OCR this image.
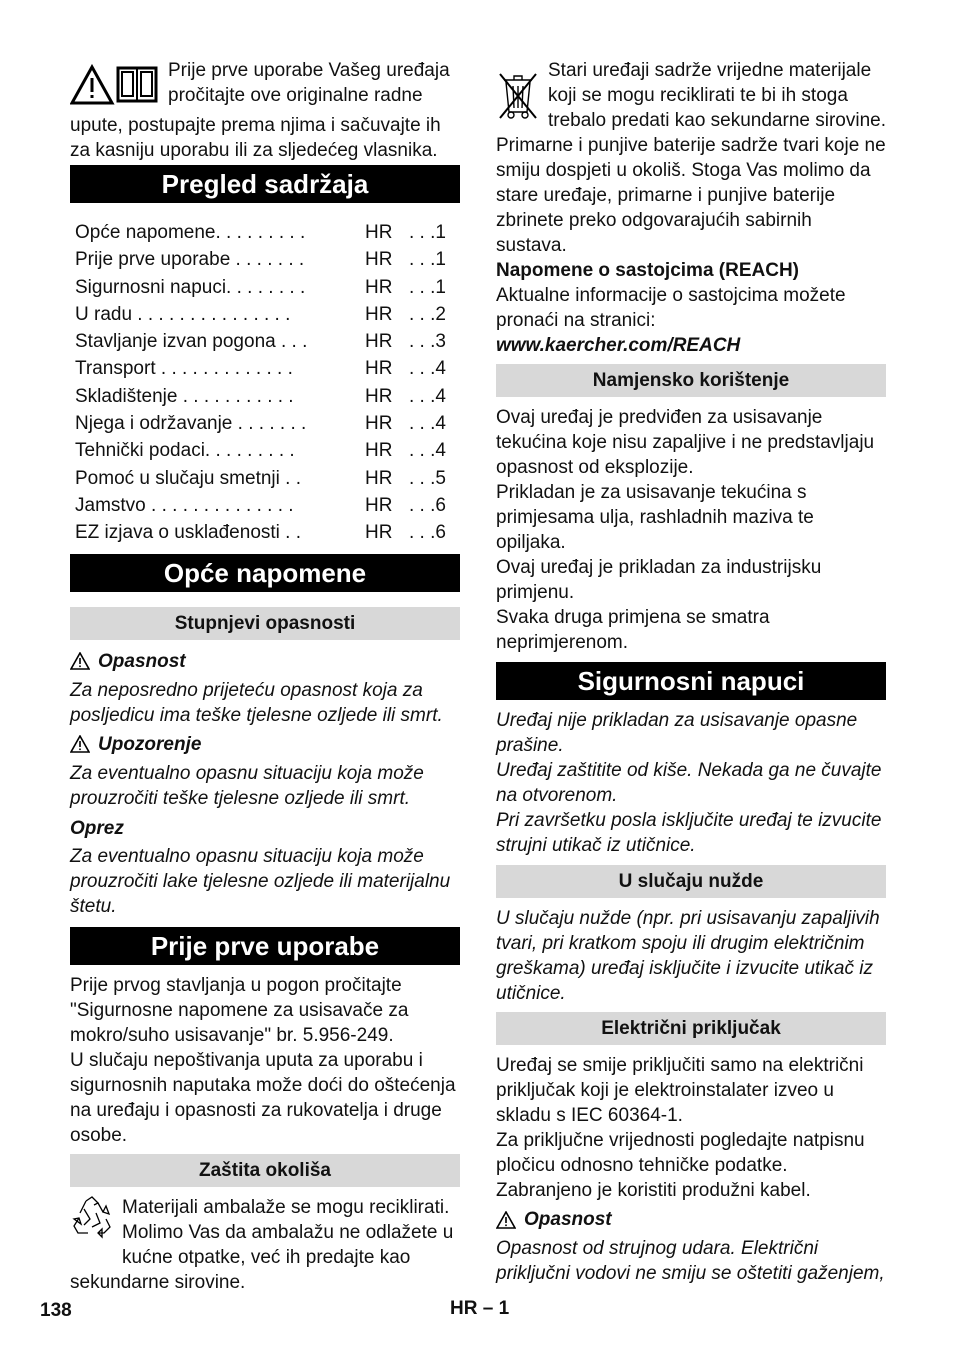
Prije prve uporabe Vašeg uređaja

pročitajte ove originalne radne

upute, postupajte prema njima i sačuvajte ih za kasniju uporabu ili za sljedećeg vlasnika.

Pregled sadržaja
Opće napomene. . . . . . . . .	HR . . .1
Prije prve uporabe . . . . . . .	HR . . .1
Sigurnosni napuci. . . . . . . .	HR . . .1
U radu . . . . . . . . . . . . . . .	HR . . .2
Stavljanje izvan pogona . . .	HR . . .3
Transport . . . . . . . . . . . . .	HR . . .4
Skladištenje . . . . . . . . . . .	HR . . .4
Njega i održavanje . . . . . . .	HR . . .4
Tehnički podaci. . . . . . . . .	HR . . .4
Pomoć u slučaju smetnji . .	HR . . .5
Jamstvo . . . . . . . . . . . . . .	HR . . .6
EZ izjava o usklađenosti . .	HR . . .6
Opće napomene
Stupnjevi opasnosti
Opasnost

Za neposredno prijeteću opasnost koja za posljedicu ima teške tjelesne ozljede ili smrt.

Upozorenje

Za eventualno opasnu situaciju koja može prouzročiti teške tjelesne ozljede ili smrt.

Oprez

Za eventualno opasnu situaciju koja može prouzročiti lake tjelesne ozljede ili materijalnu štetu.

Prije prve uporabe

Prije prvog stavljanja u pogon pročitajte "Sigurnosne napomene za usisavače za mokro/suho usisavanje" br. 5.956-249.

U slučaju nepoštivanja uputa za uporabu i sigurnosnih naputaka može doći do oštećenja na uređaju i opasnosti za rukovatelja i druge osobe.

Zaštita okoliša

Materijali ambalaže se mogu reciklirati. Molimo Vas da ambalažu ne odlažete u kućne otpatke, već ih predajte kao sekundarne sirovine.

Stari uređaji sadrže vrijedne materijale koji se mogu reciklirati te bi ih stoga trebalo predati kao sekundarne sirovine. Primarne i punjive baterije sadrže tvari koje ne smiju dospjeti u okoliš. Stoga Vas molimo da stare uređaje, primarne i punjive baterije zbrinete preko odgovarajućih sabirnih sustava.

Napomene o sastojcima (REACH)

Aktualne informacije o sastojcima možete pronaći na stranici:

www.kaercher.com/REACH

Namjensko korištenje

Ovaj uređaj je predviđen za usisavanje tekućina koje nisu zapaljive i ne predstavljaju opasnost od eksplozije.

Prikladan je za usisavanje tekućina s primjesama ulja, rashladnih maziva te opiljaka.

Ovaj uređaj je prikladan za industrijsku primjenu.

Svaka druga primjena se smatra neprimjerenom.

Sigurnosni napuci

Uređaj nije prikladan za usisavanje opasne prašine.

Uređaj zaštitite od kiše. Nekada ga ne čuvajte na otvorenom.

Pri završetku posla isključite uređaj te izvucite strujni utikač iz utičnice.

U slučaju nužde

U slučaju nužde (npr. pri usisavanju zapaljivih tvari, pri kratkom spoju ili drugim električnim greškama) uređaj isključite i izvucite utikač iz utičnice.

Električni priključak

Uređaj se smije priključiti samo na električni priključak koji je elektroinstalater izveo u skladu s IEC 60364-1.

Za priključne vrijednosti pogledajte natpisnu pločicu odnosno tehničke podatke.

Zabranjeno je koristiti produžni kabel.

Opasnost

Opasnost od strujnog udara. Električni priključni vodovi ne smiju se oštetiti gaženjem,

138	HR – 1
